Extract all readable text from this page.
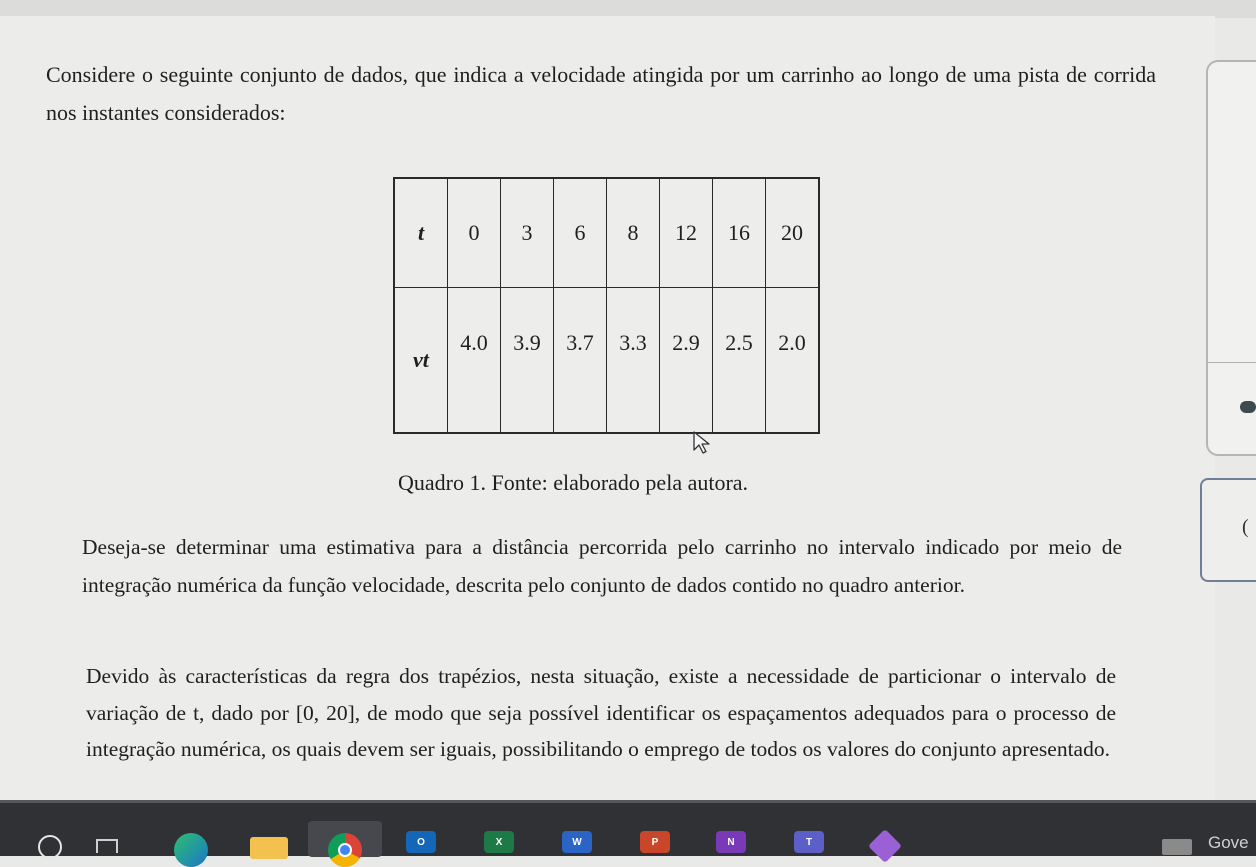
(

Considere o seguinte conjunto de dados, que indica a velocidade atingida por um carrinho ao longo de uma pista de corrida nos instantes considerados:

t	0	3	6	8	12	16	20
vt	4.0	3.9	3.7	3.3	2.9	2.5	2.0

Quadro 1. Fonte: elaborado pela autora.

Deseja-se determinar uma estimativa para a distância percorrida pelo carrinho no intervalo indicado por meio de integração numérica da função velocidade, descrita pelo conjunto de dados contido no quadro anterior.

Devido às características da regra dos trapézios, nesta situação, existe a necessidade de particionar o intervalo de variação de t, dado por [0, 20], de modo que seja possível identificar os espaçamentos adequados para o processo de integração numérica, os quais devem ser iguais, possibilitando o emprego de todos os valores do conjunto apresentado.

O	X	W	P	N	T	Gove
